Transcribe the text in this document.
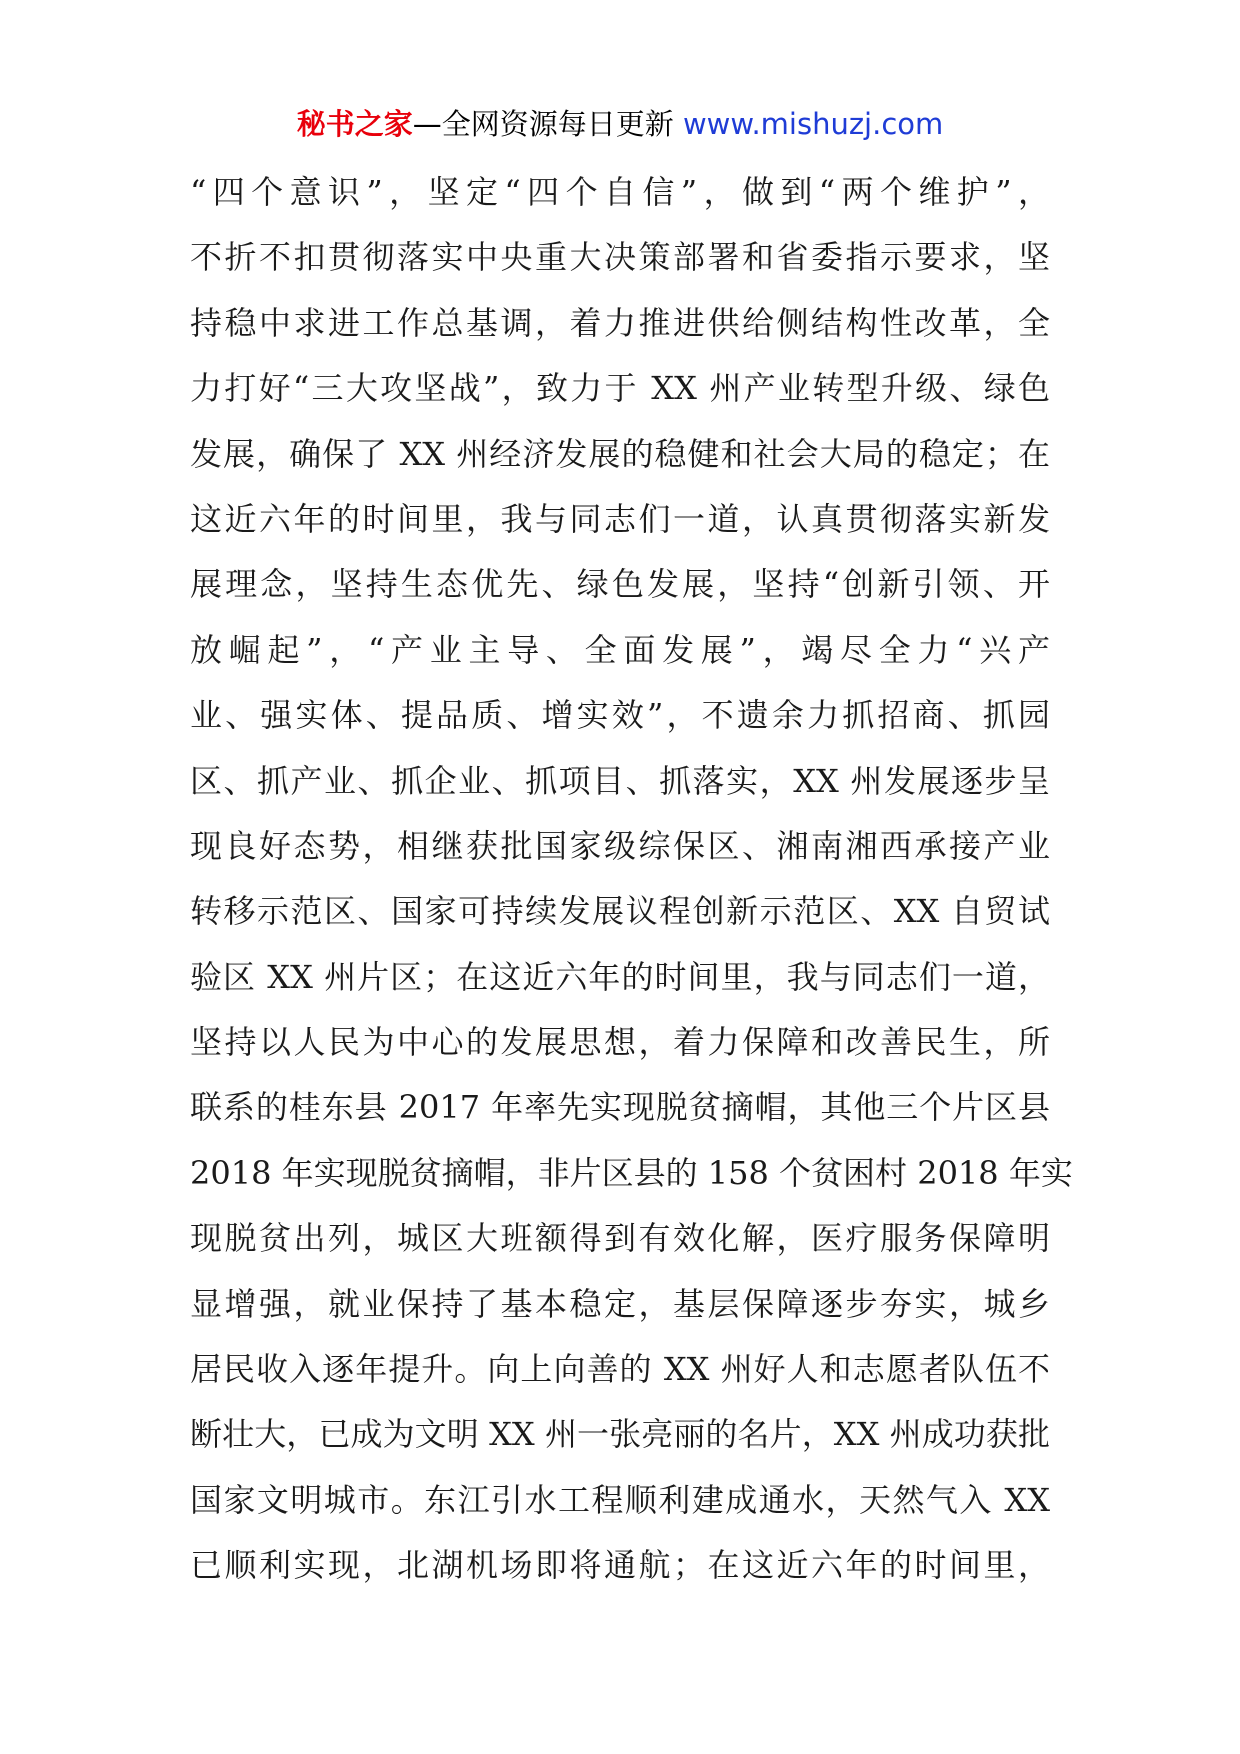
秘书之家—全网资源每日更新 www.mishuzj.com
“四个意识”，坚定“四个自信”，做到“两个维护”，
不折不扣贯彻落实中央重大决策部署和省委指示要求，坚
持稳中求进工作总基调，着力推进供给侧结构性改革，全
力打好“三大攻坚战”，致力于 XX 州产业转型升级、绿色
发展，确保了 XX 州经济发展的稳健和社会大局的稳定；在
这近六年的时间里，我与同志们一道，认真贯彻落实新发
展理念，坚持生态优先、绿色发展，坚持“创新引领、开
放崛起”，“产业主导、全面发展”，竭尽全力“兴产
业、强实体、提品质、增实效”，不遗余力抓招商、抓园
区、抓产业、抓企业、抓项目、抓落实，XX 州发展逐步呈
现良好态势，相继获批国家级综保区、湘南湘西承接产业
转移示范区、国家可持续发展议程创新示范区、XX 自贸试
验区 XX 州片区；在这近六年的时间里，我与同志们一道，
坚持以人民为中心的发展思想，着力保障和改善民生，所
联系的桂东县 2017 年率先实现脱贫摘帽，其他三个片区县
2018 年实现脱贫摘帽，非片区县的 158 个贫困村 2018 年实
现脱贫出列，城区大班额得到有效化解，医疗服务保障明
显增强，就业保持了基本稳定，基层保障逐步夯实，城乡
居民收入逐年提升。向上向善的 XX 州好人和志愿者队伍不
断壮大，已成为文明 XX 州一张亮丽的名片，XX 州成功获批
国家文明城市。东江引水工程顺利建成通水，天然气入 XX
已顺利实现，北湖机场即将通航；在这近六年的时间里，
